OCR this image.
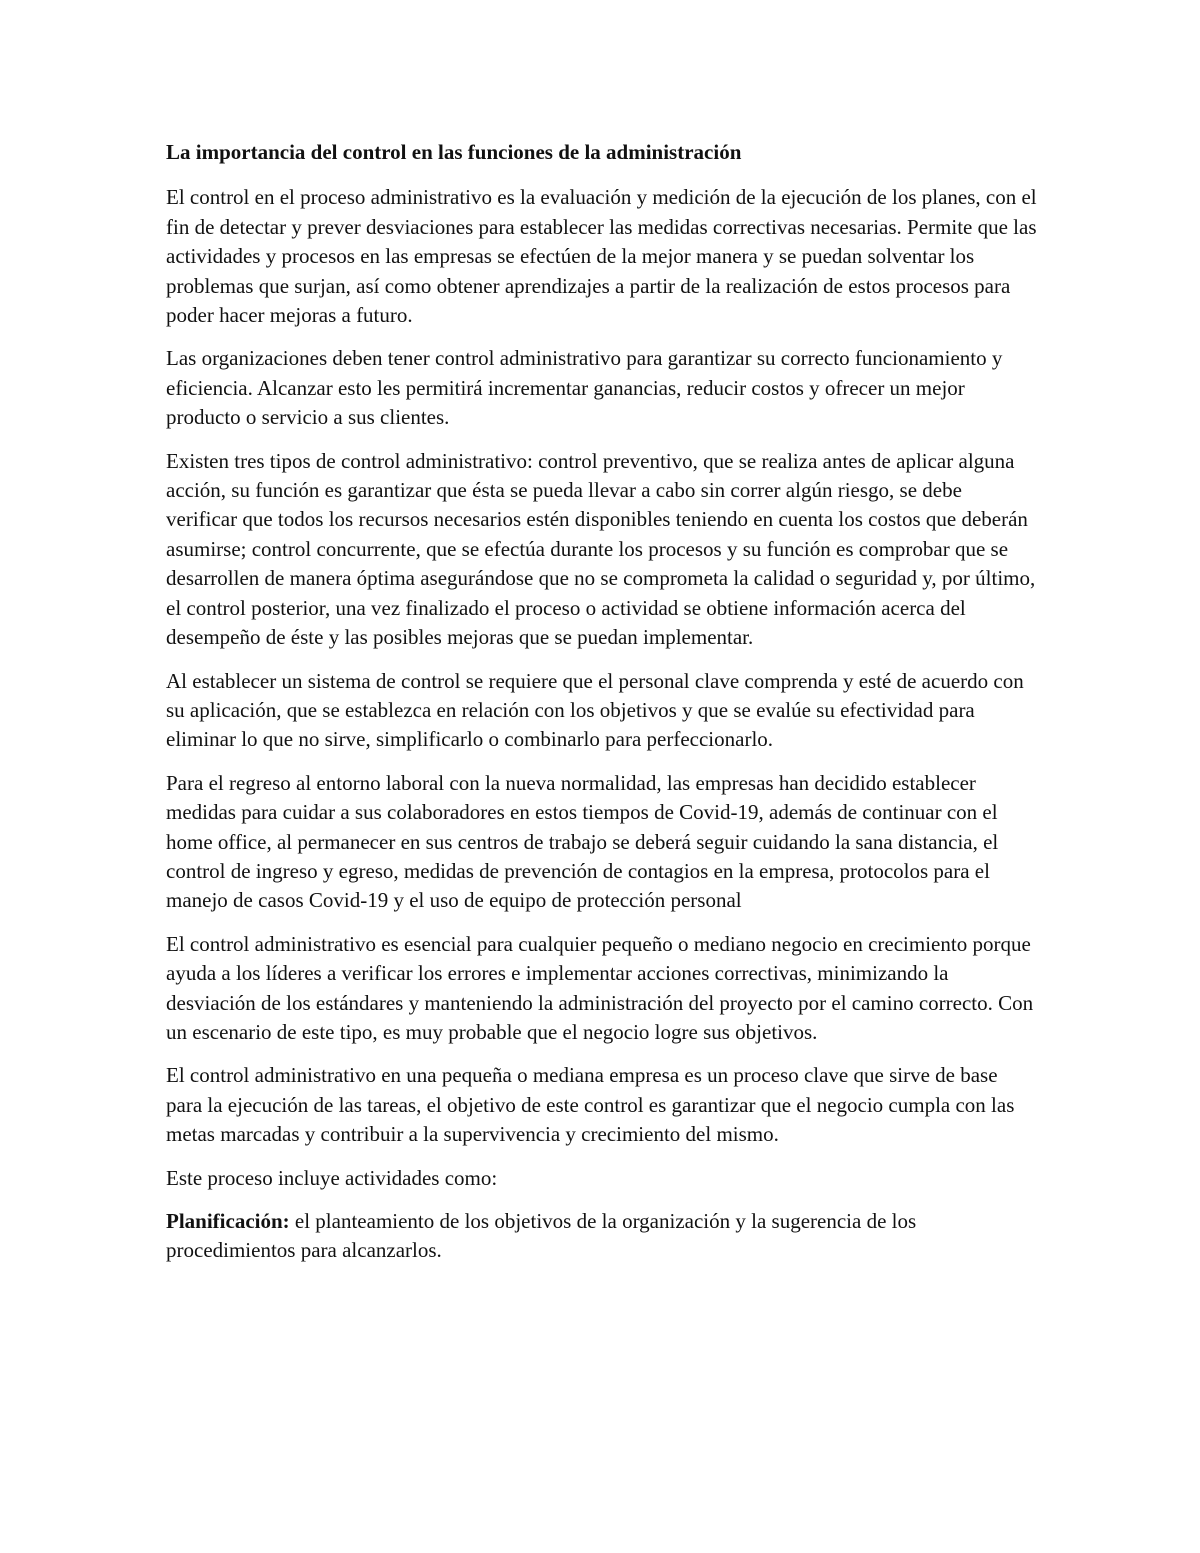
La importancia del control en las funciones de la administración

El control en el proceso administrativo es la evaluación y medición de la ejecución de los planes, con el fin de detectar y prever desviaciones para establecer las medidas correctivas necesarias. Permite que las actividades y procesos en las empresas se efectúen de la mejor manera y se puedan solventar los problemas que surjan, así como obtener aprendizajes a partir de la realización de estos procesos para poder hacer mejoras a futuro.

Las organizaciones deben tener control administrativo para garantizar su correcto funcionamiento y eficiencia. Alcanzar esto les permitirá incrementar ganancias, reducir costos y ofrecer un mejor producto o servicio a sus clientes.

Existen tres tipos de control administrativo: control preventivo, que se realiza antes de aplicar alguna acción, su función es garantizar que ésta se pueda llevar a cabo sin correr algún riesgo, se debe verificar que todos los recursos necesarios estén disponibles teniendo en cuenta los costos que deberán asumirse; control concurrente, que se efectúa durante los procesos y su función es comprobar que se desarrollen de manera óptima asegurándose que no se comprometa la calidad o seguridad y, por último, el control posterior, una vez finalizado el proceso o actividad se obtiene información acerca del desempeño de éste y las posibles mejoras que se puedan implementar.

Al establecer un sistema de control se requiere que el personal clave comprenda y esté de acuerdo con su aplicación, que se establezca en relación con los objetivos y que se evalúe su efectividad para eliminar lo que no sirve, simplificarlo o combinarlo para perfeccionarlo.

Para el regreso al entorno laboral con la nueva normalidad, las empresas han decidido establecer medidas para cuidar a sus colaboradores en estos tiempos de Covid-19, además de continuar con el home office, al permanecer en sus centros de trabajo se deberá seguir cuidando la sana distancia, el control de ingreso y egreso, medidas de prevención de contagios en la empresa, protocolos para el manejo de casos Covid-19 y el uso de equipo de protección personal

El control administrativo es esencial para cualquier pequeño o mediano negocio en crecimiento porque ayuda a los líderes a verificar los errores e implementar acciones correctivas, minimizando la desviación de los estándares y manteniendo la administración del proyecto por el camino correcto. Con un escenario de este tipo, es muy probable que el negocio logre sus objetivos.

El control administrativo en una pequeña o mediana empresa es un proceso clave que sirve de base para la ejecución de las tareas, el objetivo de este control es garantizar que el negocio cumpla con las metas marcadas y contribuir a la supervivencia y crecimiento del mismo.

Este proceso incluye actividades como:

Planificación: el planteamiento de los objetivos de la organización y la sugerencia de los procedimientos para alcanzarlos.
